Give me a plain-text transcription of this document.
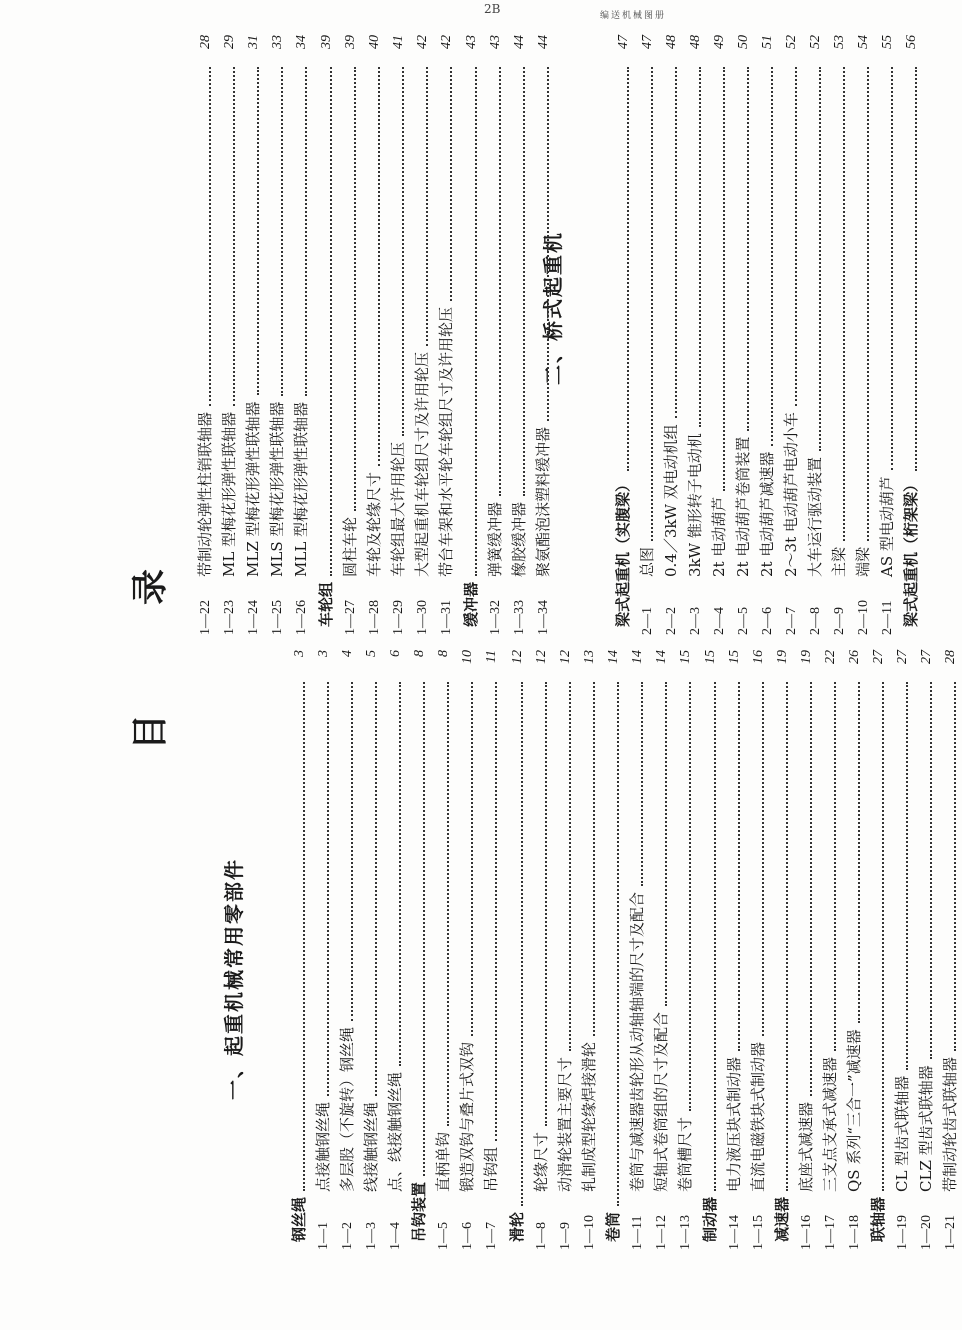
2B	编送机械图册
一、起重机械常用零部件
目
钢丝绳
3
1—1
点接触钢丝绳
3
1—2
多层股（不旋转）钢丝绳
4
1—3
线接触钢丝绳
5
1—4
点、线接触钢丝绳
6
吊钩装置
8
1—5
直柄单钩
8
1—6
锻造双钩与叠片式双钩
10
1—7
吊钩组
11
滑轮
12
1—8
轮缘尺寸
12
1—9
动滑轮装置主要尺寸
12
1—10
轧制成型轮缘焊接滑轮
13
卷筒
14
1—11
卷筒与减速器齿轮形从动轴轴端的尺寸及配合
14
1—12
短轴式卷筒组的尺寸及配合
14
1—13
卷筒槽尺寸
15
制动器
15
1—14
电力液压块式制动器
15
1—15
直流电磁铁块式制动器
16
减速器
19
1—16
底座式减速器
19
1—17
三支点支承式减速器
22
1—18
QS 系列“三合一”减速器
26
联轴器
27
1—19
CL 型齿式联轴器
27
1—20
CLZ 型齿式联轴器
27
1—21
带制动轮齿式联轴器
28
录
二、桥式起重机
1—22
带制动轮弹性柱销联轴器
28
1—23
ML 型梅花形弹性联轴器
29
1—24
MLZ 型梅花形弹性联轴器
31
1—25
MLS 型梅花形弹性联轴器
33
1—26
MLL 型梅花形弹性联轴器
34
车轮组
39
1—27
圆柱车轮
39
1—28
车轮及轮缘尺寸
40
1—29
车轮组最大许用轮压
41
1—30
大型起重机车轮组尺寸及许用轮压
42
1—31
带台车架和水平轮车轮组尺寸及许用轮压
42
缓冲器
43
1—32
弹簧缓冲器
43
1—33
橡胶缓冲器
44
1—34
聚氨酯泡沫塑料缓冲器
44
梁式起重机（实腹梁）
47
2—1
总图
47
2—2
0.4／3kW 双电动机组
48
2—3
3kW 锥形转子电动机
48
2—4
2t 电动葫芦
49
2—5
2t 电动葫芦卷筒装置
50
2—6
2t 电动葫芦减速器
51
2—7
2～3t 电动葫芦电动小车
52
2—8
大车运行驱动装置
52
2—9
主梁
53
2—10
端梁
54
2—11
AS 型电动葫芦
55
梁式起重机（桁架梁）
56
